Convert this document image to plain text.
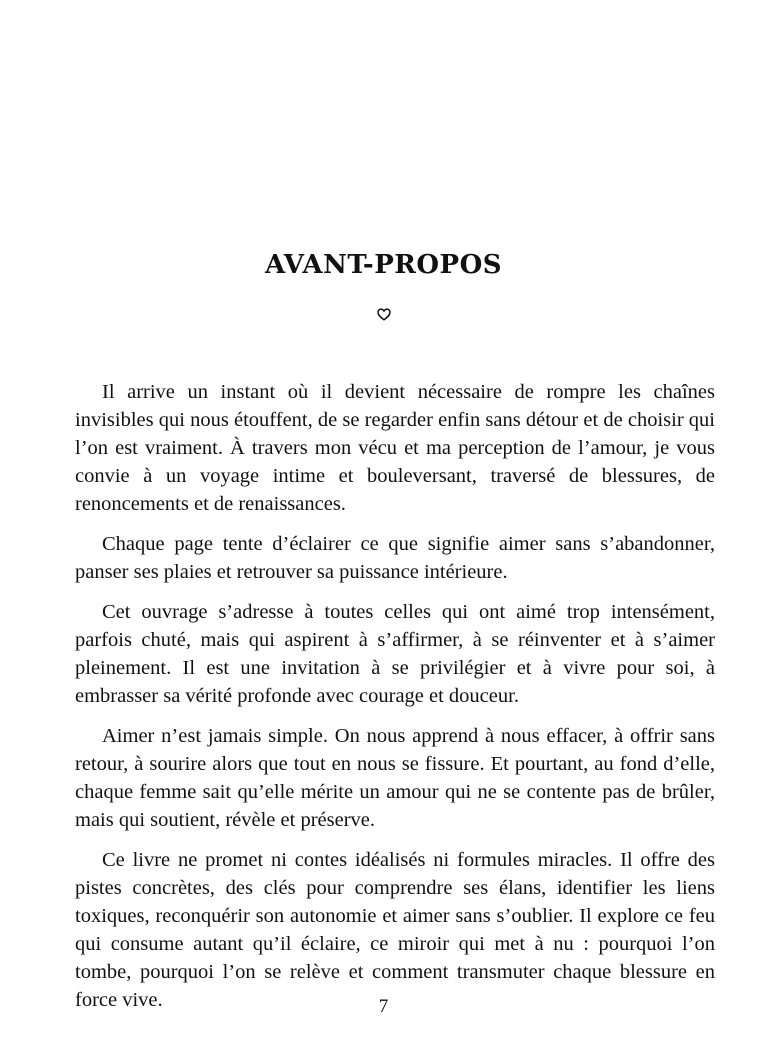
AVANT-PROPOS

Il arrive un instant où il devient nécessaire de rompre les chaînes invisibles qui nous étouffent, de se regarder enfin sans détour et de choisir qui l’on est vraiment. À travers mon vécu et ma perception de l’amour, je vous convie à un voyage intime et bouleversant, traversé de blessures, de renoncements et de renaissances.

Chaque page tente d’éclairer ce que signifie aimer sans s’abandonner, panser ses plaies et retrouver sa puissance intérieure.

Cet ouvrage s’adresse à toutes celles qui ont aimé trop intensément, parfois chuté, mais qui aspirent à s’affirmer, à se réinventer et à s’aimer pleinement. Il est une invitation à se privilégier et à vivre pour soi, à embrasser sa vérité profonde avec courage et douceur.

Aimer n’est jamais simple. On nous apprend à nous effacer, à offrir sans retour, à sourire alors que tout en nous se fissure. Et pourtant, au fond d’elle, chaque femme sait qu’elle mérite un amour qui ne se contente pas de brûler, mais qui soutient, révèle et préserve.

Ce livre ne promet ni contes idéalisés ni formules miracles. Il offre des pistes concrètes, des clés pour comprendre ses élans, identifier les liens toxiques, reconquérir son autonomie et aimer sans s’oublier. Il explore ce feu qui consume autant qu’il éclaire, ce miroir qui met à nu : pourquoi l’on tombe, pourquoi l’on se relève et comment transmuter chaque blessure en force vive.	7
